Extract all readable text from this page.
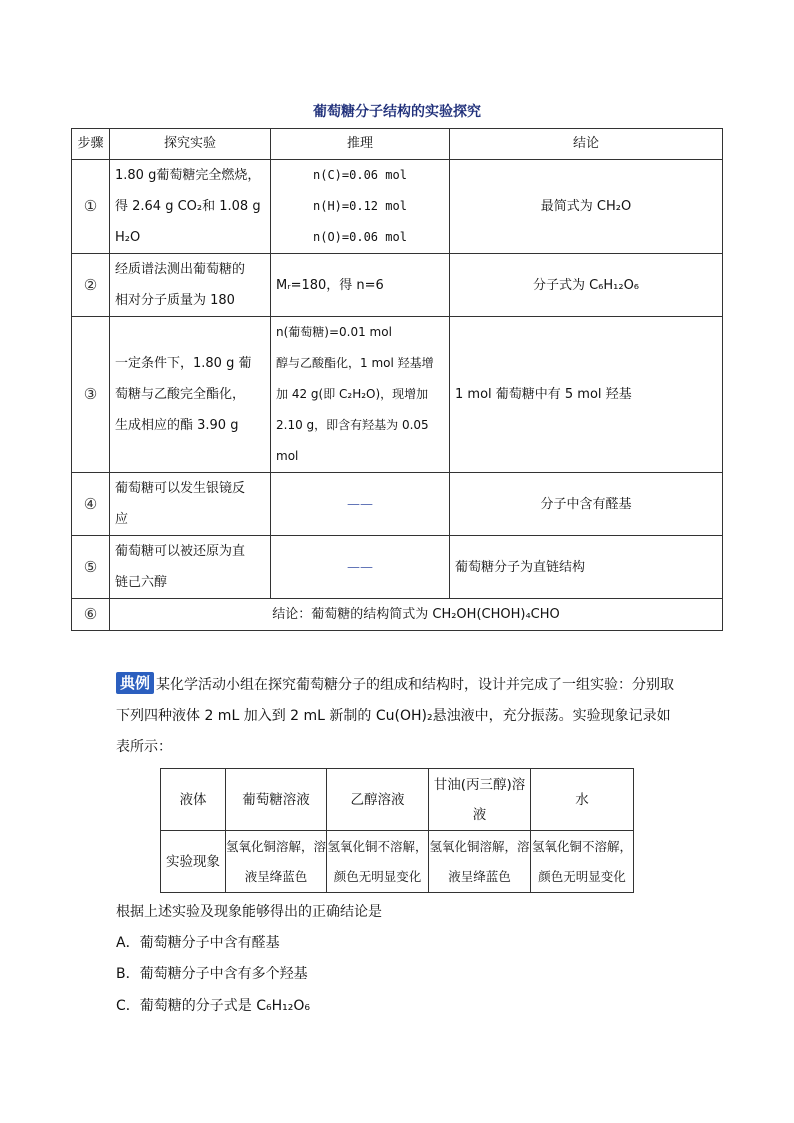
葡萄糖分子结构的实验探究
步骤	探究实验	推理	结论
①	1.80 g葡萄糖完全燃烧，
得 2.64 g CO₂和 1.08 g
H₂O	n(C)=0.06 mol
n(H)=0.12 mol
n(O)=0.06 mol	最简式为 CH₂O
②	经质谱法测出葡萄糖的
相对分子质量为 180	Mᵣ=180，得 n=6	分子式为 C₆H₁₂O₆
③	一定条件下，1.80 g 葡
萄糖与乙酸完全酯化，
生成相应的酯 3.90 g	n(葡萄糖)=0.01 mol
醇与乙酸酯化，1 mol 羟基增
加 42 g(即 C₂H₂O)，现增加
2.10 g，即含有羟基为 0.05
mol	1 mol 葡萄糖中有 5 mol 羟基
④	葡萄糖可以发生银镜反
应	——	分子中含有醛基
⑤	葡萄糖可以被还原为直
链己六醇	——	葡萄糖分子为直链结构
⑥	结论：葡萄糖的结构简式为 CH₂OH(CHOH)₄CHO		
典例 某化学活动小组在探究葡萄糖分子的组成和结构时，设计并完成了一组实验：分别取下列四种液体 2 mL 加入到 2 mL 新制的 Cu(OH)₂悬浊液中，充分振荡。实验现象记录如表所示：
液体	葡萄糖溶液	乙醇溶液	甘油(丙三醇)溶液	水
实验现象	氢氧化铜溶解，溶液呈绛蓝色	氢氧化铜不溶解，颜色无明显变化	氢氧化铜溶解，溶液呈绛蓝色	氢氧化铜不溶解，颜色无明显变化
根据上述实验及现象能够得出的正确结论是
A．葡萄糖分子中含有醛基
B．葡萄糖分子中含有多个羟基
C．葡萄糖的分子式是 C₆H₁₂O₆
